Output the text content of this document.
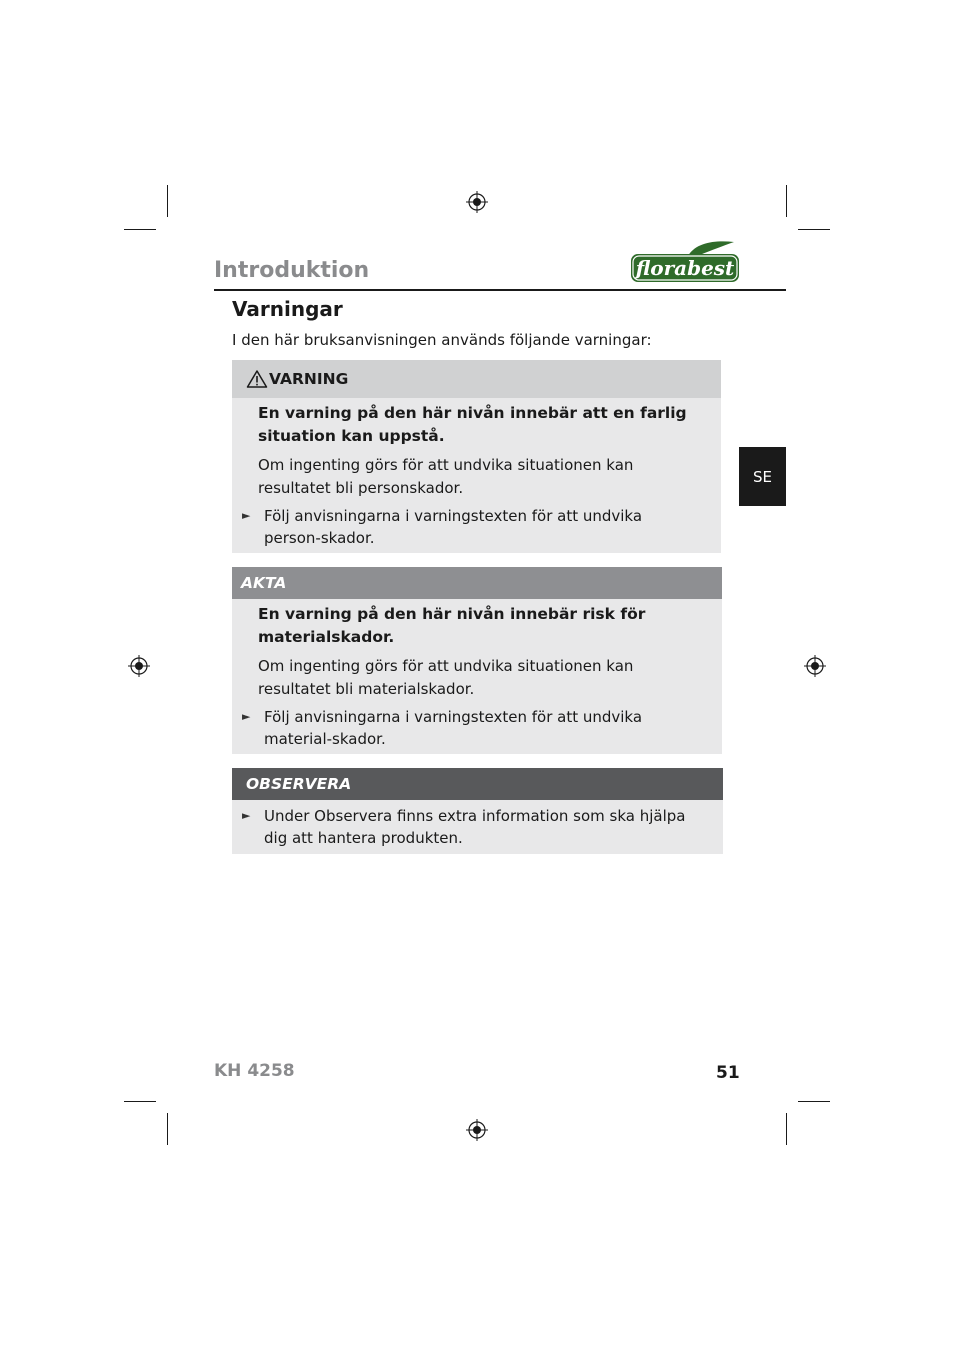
Introduktion	florabest
Varningar

I den här bruksanvisningen används följande varningar:

VARNING

En varning på den här nivån innebär att en farlig situation kan uppstå.

Om ingenting görs för att undvika situationen kan resultatet bli personskador.

► Följ anvisningarna i varningstexten för att undvika person-skador.
AKTA

En varning på den här nivån innebär risk för materialskador.

Om ingenting görs för att undvika situationen kan resultatet bli materialskador.

► Följ anvisningarna i varningstexten för att undvika material-skador.
OBSERVERA
► Under Observera finns extra information som ska hjälpa dig att hantera produkten.
SE

KH 4258	51
